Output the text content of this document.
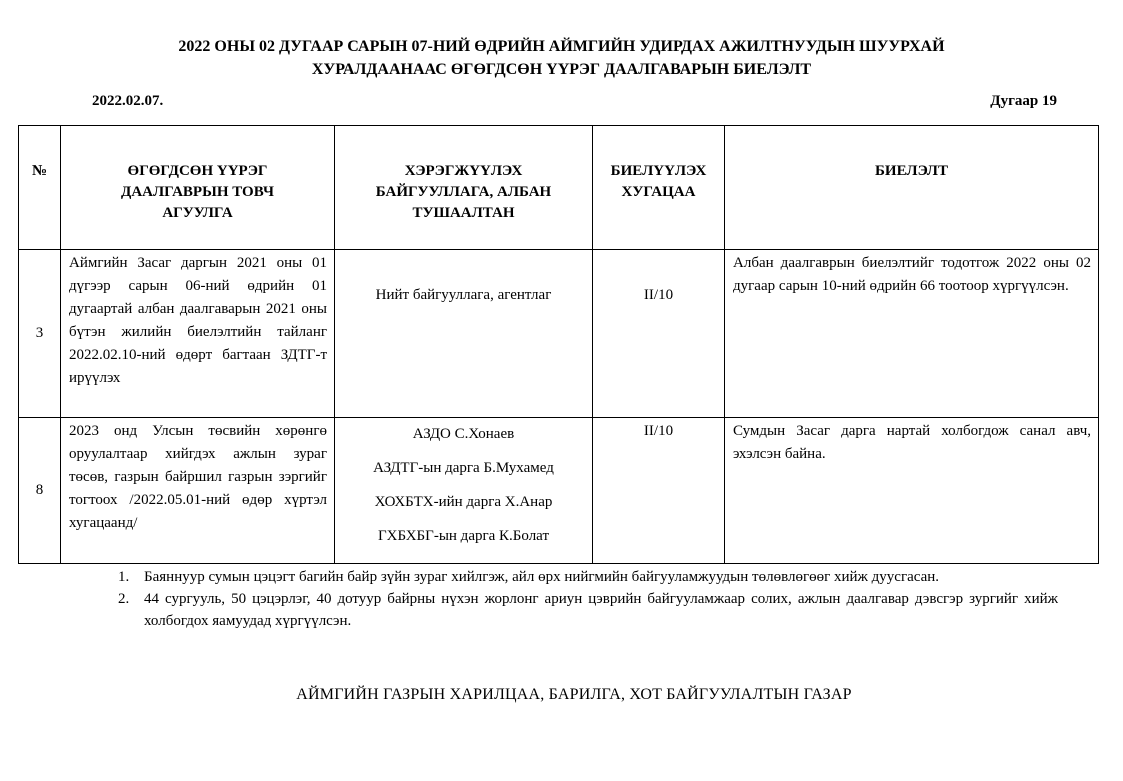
2022 ОНЫ 02 ДУГААР САРЫН 07-НИЙ ӨДРИЙН АЙМГИЙН УДИРДАХ АЖИЛТНУУДЫН ШУУРХАЙ
ХУРАЛДААНААС ӨГӨГДСӨН ҮҮРЭГ ДААЛГАВАРЫН БИЕЛЭЛТ
2022.02.07.	Дугаар 19
№	ӨГӨГДСӨН ҮҮРЭГ ДААЛГАВРЫН ТОВЧ АГУУЛГА	ХЭРЭГЖҮҮЛЭХ БАЙГУУЛЛАГА, АЛБАН ТУШААЛТАН	БИЕЛҮҮЛЭХ ХУГАЦАА	БИЕЛЭЛТ
3	Аймгийн Засаг даргын 2021 оны 01 дүгээр сарын 06-ний өдрийн 01 дугаартай албан даалгаварын 2021 оны бүтэн жилийн биелэлтийн тайланг 2022.02.10-ний өдөрт багтаан ЗДТГ-т ирүүлэх	Нийт байгууллага, агентлаг	II/10	Албан даалгаврын биелэлтийг тодотгож 2022 оны 02 дугаар сарын 10-ний өдрийн 66 тоотоор хүргүүлсэн.

8	2023 онд Улсын төсвийн хөрөнгө оруулалтаар хийгдэх ажлын зураг төсөв, газрын байршил газрын зэргийг тогтоох /2022.05.01-ний өдөр хүртэл хугацаанд/	АЗДО С.Хонаев
АЗДТГ-ын дарга Б.Мухамед
ХОХБТХ-ийн дарга Х.Анар
ГХБХБГ-ын дарга К.Болат	II/10	Сумдын Засаг дарга нартай холбогдож санал авч, эхэлсэн байна.
1. Баяннуур сумын цэцэгт багийн байр зүйн зураг хийлгэж, айл өрх нийгмийн байгууламжуудын төлөвлөгөөг хийж дуусгасан.
2. 44 сургууль, 50 цэцэрлэг, 40 дотуур байрны нүхэн жорлонг ариун цэврийн байгууламжаар солих, ажлын даалгавар дэвсгэр зургийг хийж холбогдох яамуудад хүргүүлсэн.
АЙМГИЙН ГАЗРЫН ХАРИЛЦАА, БАРИЛГА, ХОТ БАЙГУУЛАЛТЫН ГАЗАР
